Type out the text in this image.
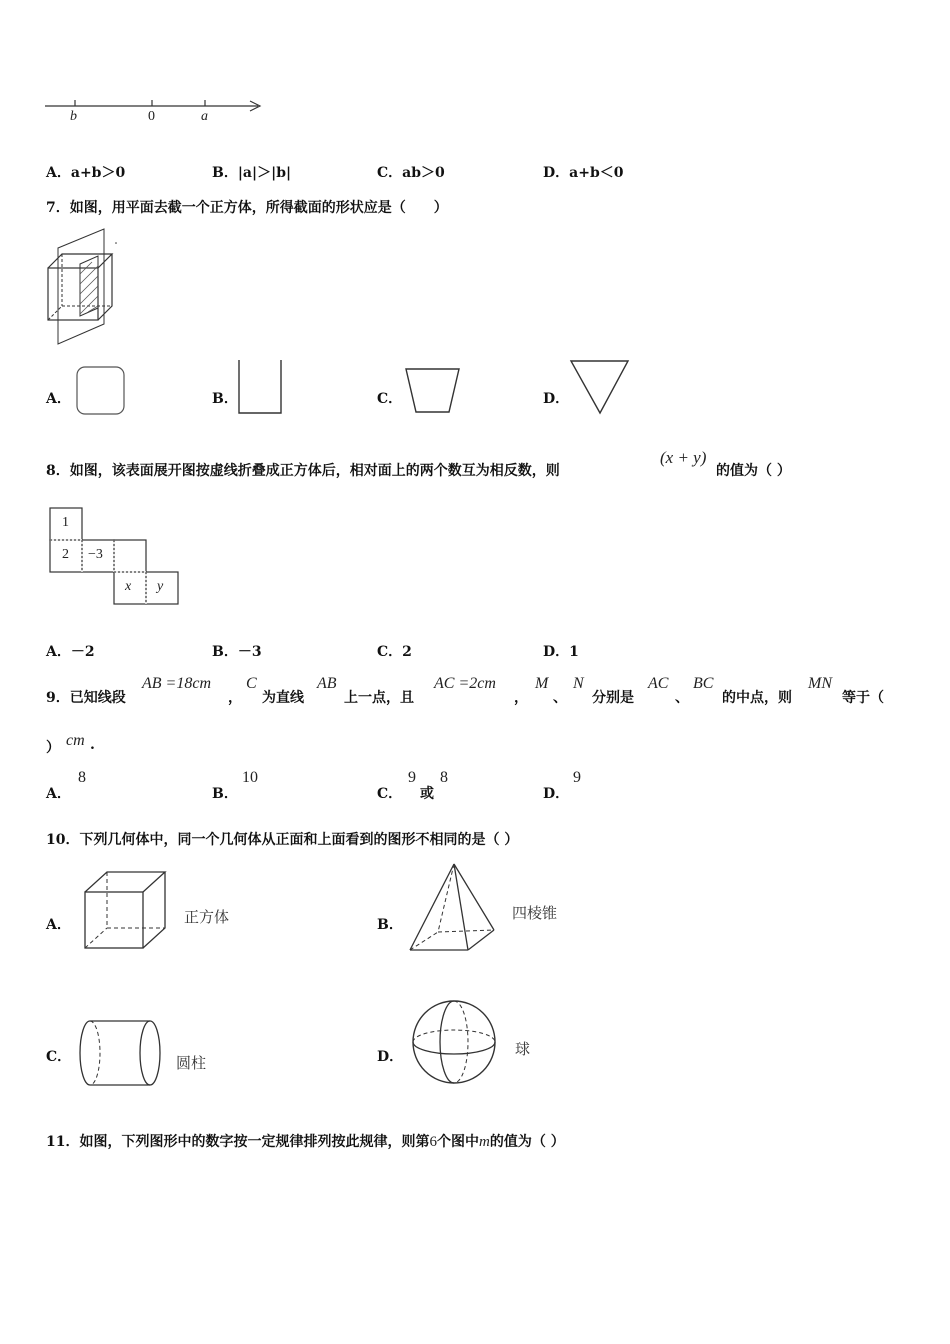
b	0	a
A．a+b＞0	B．|a|＞|b|	C．ab＞0	D．a+b＜0
7．如图，用平面去截一个正方体，所得截面的形状应是（　　）
A．	B．	C．	D．
8．如图，该表面展开图按虚线折叠成正方体后，相对面上的两个数互为相反数，则
(x + y)
的值为（ ）
1
2 −3
x y
A．－2	B．－3	C．2	D．1
9．已知线段
AB =18cm
，
C
为直线
AB
上一点，且
AC =2cm
，
M
、
N
分别是
AC
、
BC
的中点，则
MN
等于（
） cm .
A．
8
B．
10
C．
9
或
8
D．
9
10．下列几何体中，同一个几何体从正面和上面看到的图形不相同的是（ ）
A．	正方体	B．
四棱锥
C．	圆柱	D．	球
11．如图，下列图形中的数字按一定规律排列按此规律，则第6个图中m的值为（ ）
